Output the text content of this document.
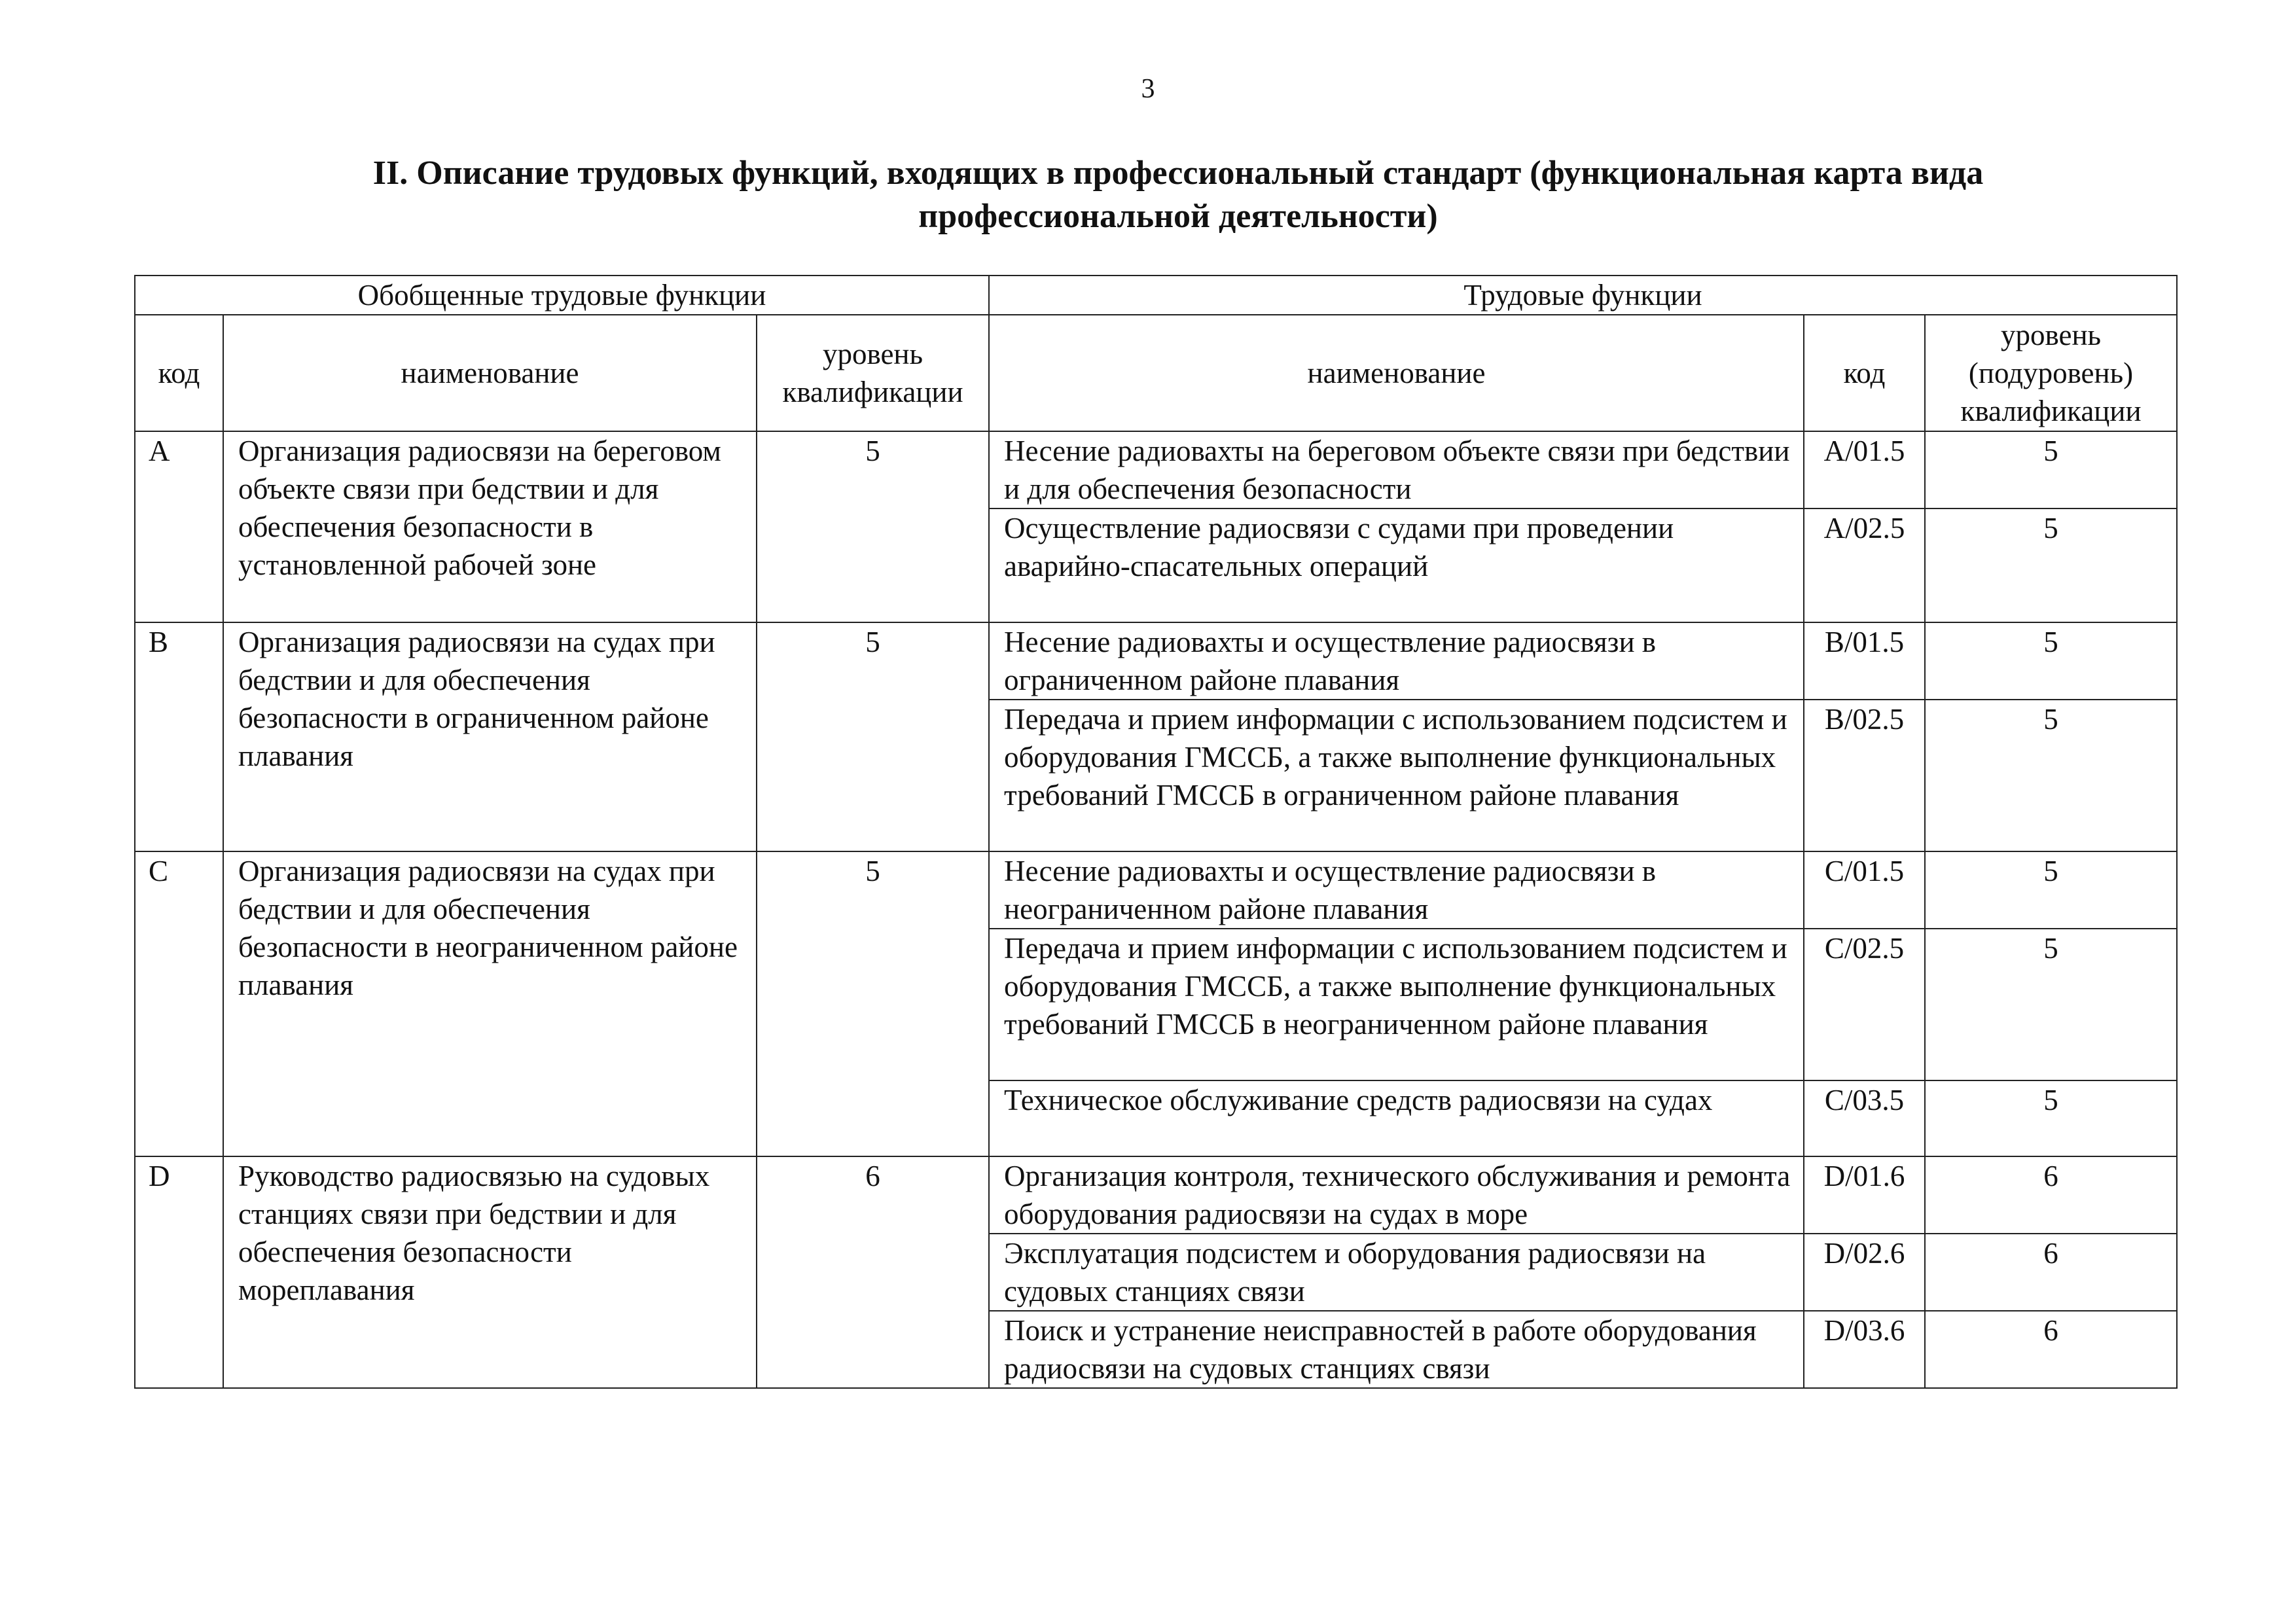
3
II. Описание трудовых функций, входящих в профессиональный стандарт (функциональная карта вида
профессиональной деятельности)
Обобщенные трудовые функции			Трудовые функции		
код	наименование	уровень квалификации	наименование	код	уровень (подуровень) квалификации
A	Организация радиосвязи на береговом объекте связи при бедствии и для обеспечения безопасности в установленной рабочей зоне	5	Несение радиовахты на береговом объекте связи при бедствии и для обеспечения безопасности	A/01.5	5
			Осуществление радиосвязи с судами при проведении аварийно-спасательных операций	A/02.5	5
B	Организация радиосвязи на судах при бедствии и для обеспечения безопасности в ограниченном районе плавания	5	Несение радиовахты и осуществление радиосвязи в ограниченном районе плавания	B/01.5	5
			Передача и прием информации с использованием подсистем и оборудования ГМССБ, а также выполнение функциональных требований ГМССБ в ограниченном районе плавания	B/02.5	5
C	Организация радиосвязи на судах при бедствии и для обеспечения безопасности в неограниченном районе плавания	5	Несение радиовахты и осуществление радиосвязи в неограниченном районе плавания	C/01.5	5
			Передача и прием информации с использованием подсистем и оборудования ГМССБ, а также выполнение функциональных требований ГМССБ в неограниченном районе плавания	C/02.5	5
			Техническое обслуживание средств радиосвязи на судах	C/03.5	5
D	Руководство радиосвязью на судовых станциях связи при бедствии и для обеспечения безопасности мореплавания	6	Организация контроля, технического обслуживания и ремонта оборудования радиосвязи на судах в море	D/01.6	6
			Эксплуатация подсистем и оборудования радиосвязи на судовых станциях связи	D/02.6	6
			Поиск и устранение неисправностей в работе оборудования радиосвязи на судовых станциях связи	D/03.6	6
